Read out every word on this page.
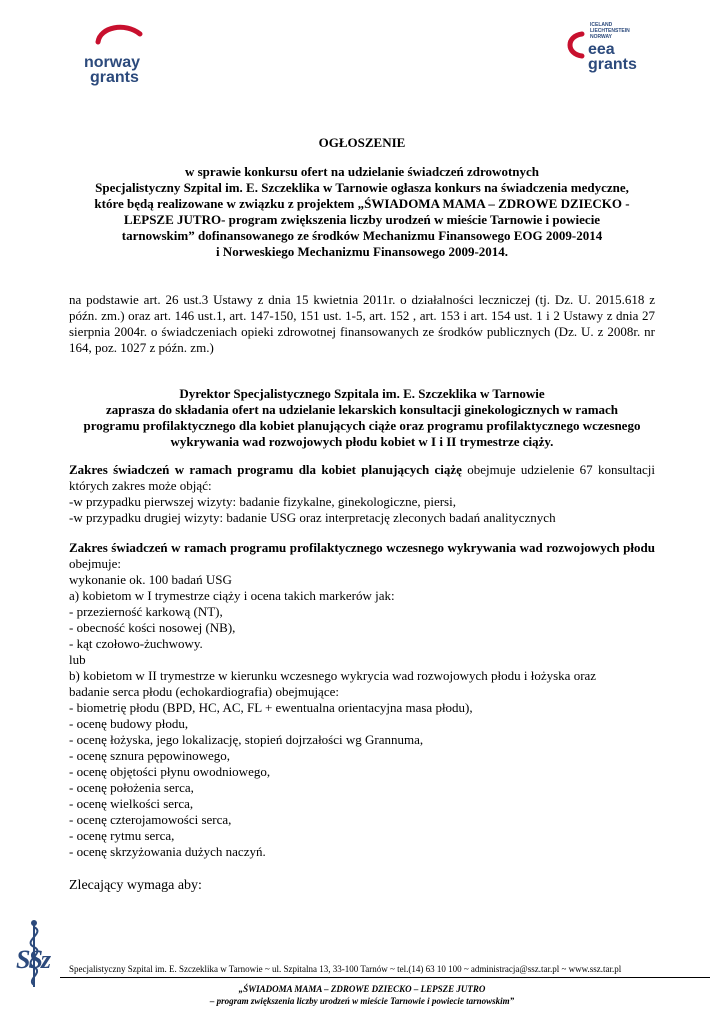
norway
grants
ICELAND
LIECHTENSTEIN
NORWAY
eea
grants
OGŁOSZENIE
w sprawie konkursu ofert na udzielanie świadczeń zdrowotnych
Specjalistyczny Szpital im. E. Szczeklika w Tarnowie ogłasza konkurs na świadczenia medyczne,
które będą realizowane w związku z projektem „ŚWIADOMA MAMA – ZDROWE DZIECKO -
LEPSZE JUTRO- program zwiększenia liczby urodzeń w mieście Tarnowie i powiecie
tarnowskim” dofinansowanego ze środków Mechanizmu Finansowego EOG 2009-2014
i Norweskiego Mechanizmu Finansowego 2009-2014.
na podstawie art. 26 ust.3 Ustawy z dnia 15 kwietnia 2011r. o działalności leczniczej (tj. Dz. U. 2015.618 z późn. zm.) oraz art. 146 ust.1, art. 147-150, 151 ust. 1-5, art. 152 , art. 153 i art. 154 ust. 1 i 2 Ustawy z dnia 27 sierpnia 2004r. o świadczeniach opieki zdrowotnej finansowanych ze środków publicznych (Dz. U. z 2008r. nr 164, poz. 1027 z późn. zm.)
Dyrektor Specjalistycznego Szpitala im. E. Szczeklika w Tarnowie
zaprasza do składania ofert na udzielanie lekarskich konsultacji ginekologicznych w ramach
programu profilaktycznego dla kobiet planujących ciąże oraz programu profilaktycznego wczesnego
wykrywania wad rozwojowych płodu kobiet w I i II trymestrze ciąży.
Zakres świadczeń w ramach programu dla kobiet planujących ciążę obejmuje udzielenie 67 konsultacji których zakres może objąć:
-w przypadku pierwszej wizyty: badanie fizykalne, ginekologiczne, piersi,
-w przypadku drugiej wizyty: badanie USG oraz interpretację zleconych badań analitycznych
Zakres świadczeń w ramach programu profilaktycznego wczesnego wykrywania wad rozwojowych płodu obejmuje:
wykonanie ok. 100 badań USG
a) kobietom w I trymestrze ciąży i ocena takich markerów jak:
- przezierność karkową (NT),
- obecność kości nosowej (NB),
- kąt czołowo-żuchwowy.
lub
b) kobietom w II trymestrze w kierunku wczesnego wykrycia wad rozwojowych płodu i łożyska oraz
badanie serca płodu (echokardiografia) obejmujące:
- biometrię płodu (BPD, HC, AC, FL + ewentualna orientacyjna masa płodu),
- ocenę budowy płodu,
- ocenę łożyska, jego lokalizację, stopień dojrzałości wg Grannuma,
- ocenę sznura pępowinowego,
- ocenę objętości płynu owodniowego,
- ocenę położenia serca,
- ocenę wielkości serca,
- ocenę czterojamowości serca,
- ocenę rytmu serca,
- ocenę skrzyżowania dużych naczyń.
Zlecający wymaga aby:
SSz Specjalistyczny Szpital im. E. Szczeklika w Tarnowie ~ ul. Szpitalna 13, 33-100 Tarnów ~ tel.(14) 63 10 100 ~ administracja@ssz.tar.pl ~ www.ssz.tar.pl
„ŚWIADOMA MAMA – ZDROWE DZIECKO – LEPSZE JUTRO
– program zwiększenia liczby urodzeń w mieście Tarnowie i powiecie tarnowskim”
